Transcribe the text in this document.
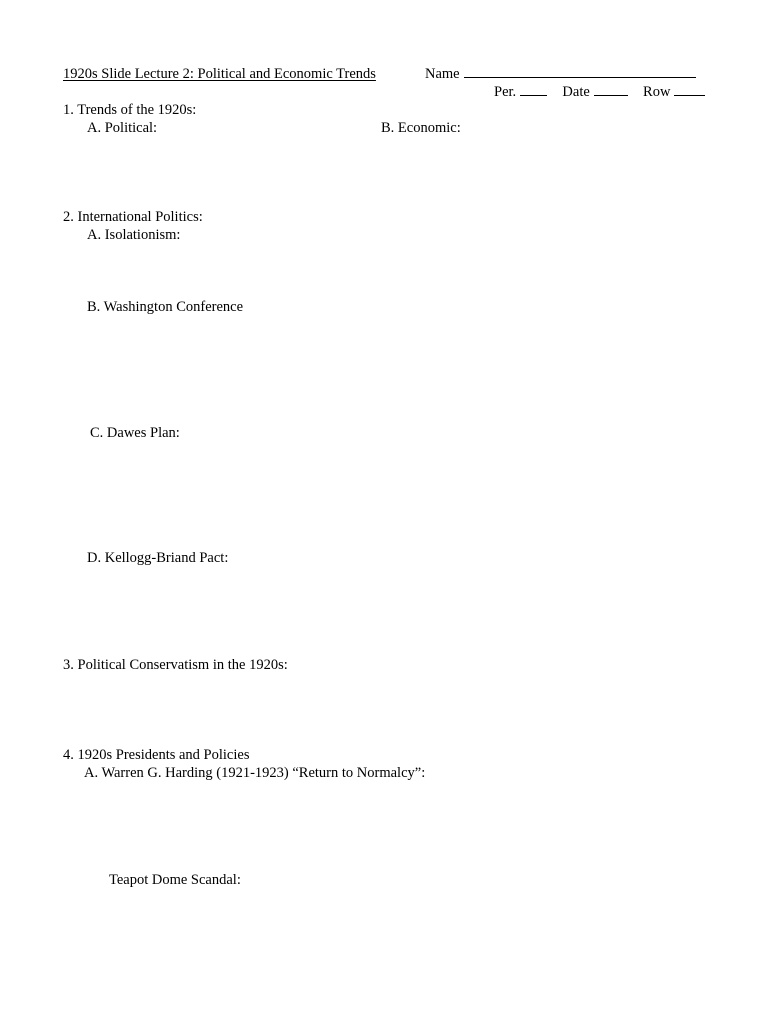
1920s Slide Lecture 2: Political and Economic Trends	Name
Per.	Date	Row
1. Trends of the 1920s:
A. Political:	B. Economic:
2. International Politics:
A. Isolationism:
B. Washington Conference
C. Dawes Plan:
D. Kellogg-Briand Pact:
3. Political Conservatism in the 1920s:
4. 1920s Presidents and Policies
A. Warren G. Harding (1921-1923) “Return to Normalcy”:
Teapot Dome Scandal:
